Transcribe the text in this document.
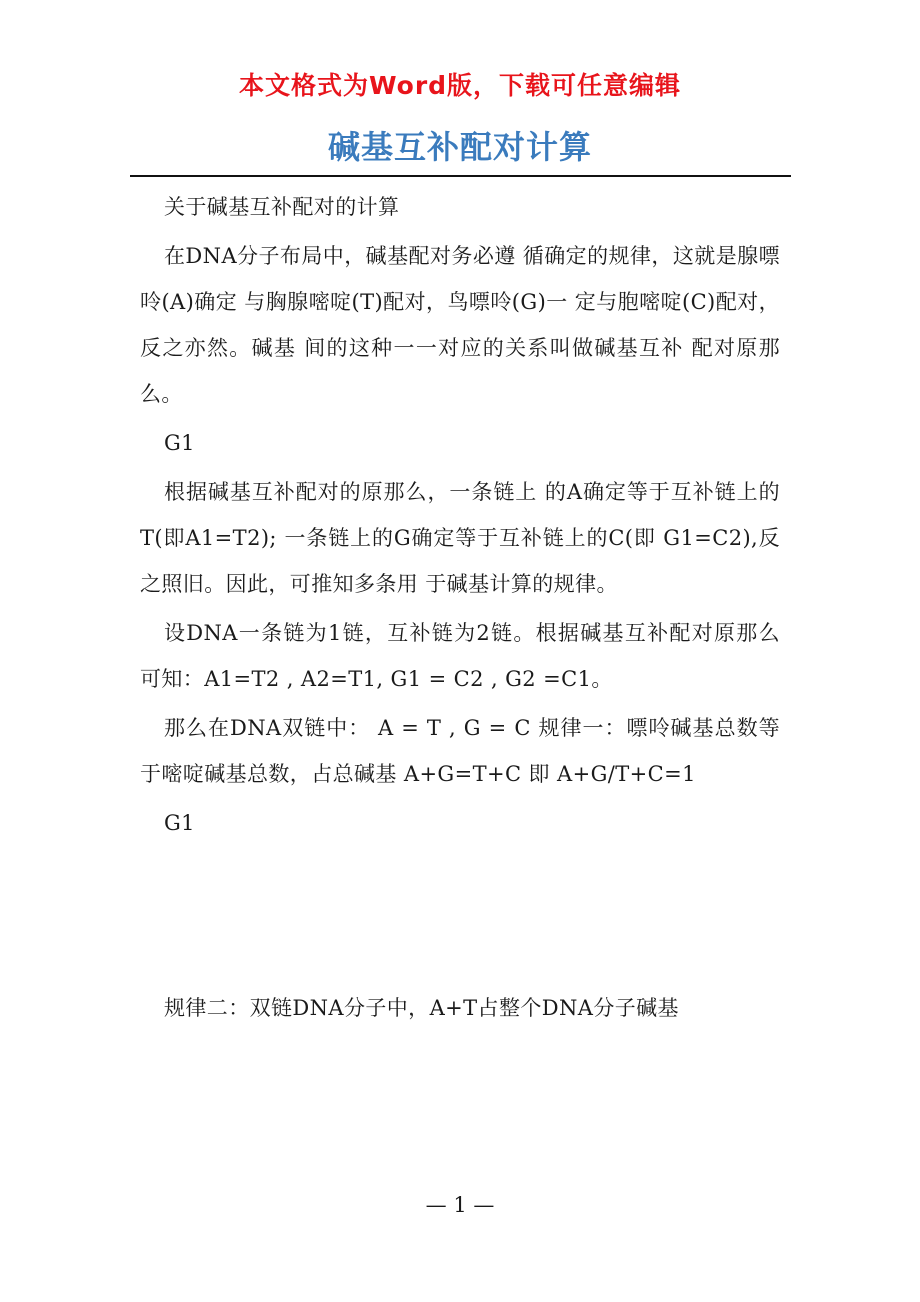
本文格式为Word版，下载可任意编辑
碱基互补配对计算

关于碱基互补配对的计算

在DNA分子布局中，碱基配对务必遵 循确定的规律，这就是腺嘌呤(A)确定 与胸腺嘧啶(T)配对，鸟嘌呤(G)一 定与胞嘧啶(C)配对，反之亦然。碱基 间的这种一一对应的关系叫做碱基互补 配对原那么。

G1

根据碱基互补配对的原那么，一条链上 的A确定等于互补链上的T(即A1=T2); 一条链上的G确定等于互补链上的C(即 G1=C2),反之照旧。因此，可推知多条用 于碱基计算的规律。

设DNA一条链为1链，互补链为2链。根据碱基互补配对原那么 可知：A1=T2 , A2=T1, G1 = C2 , G2 =C1。

那么在DNA双链中： A = T , G = C 规律一：嘌呤碱基总数等于嘧啶碱基总数，占总碱基 A+G=T+C 即 A+G/T+C=1

G1

规律二：双链DNA分子中，A+T占整个DNA分子碱基

— 1 —
